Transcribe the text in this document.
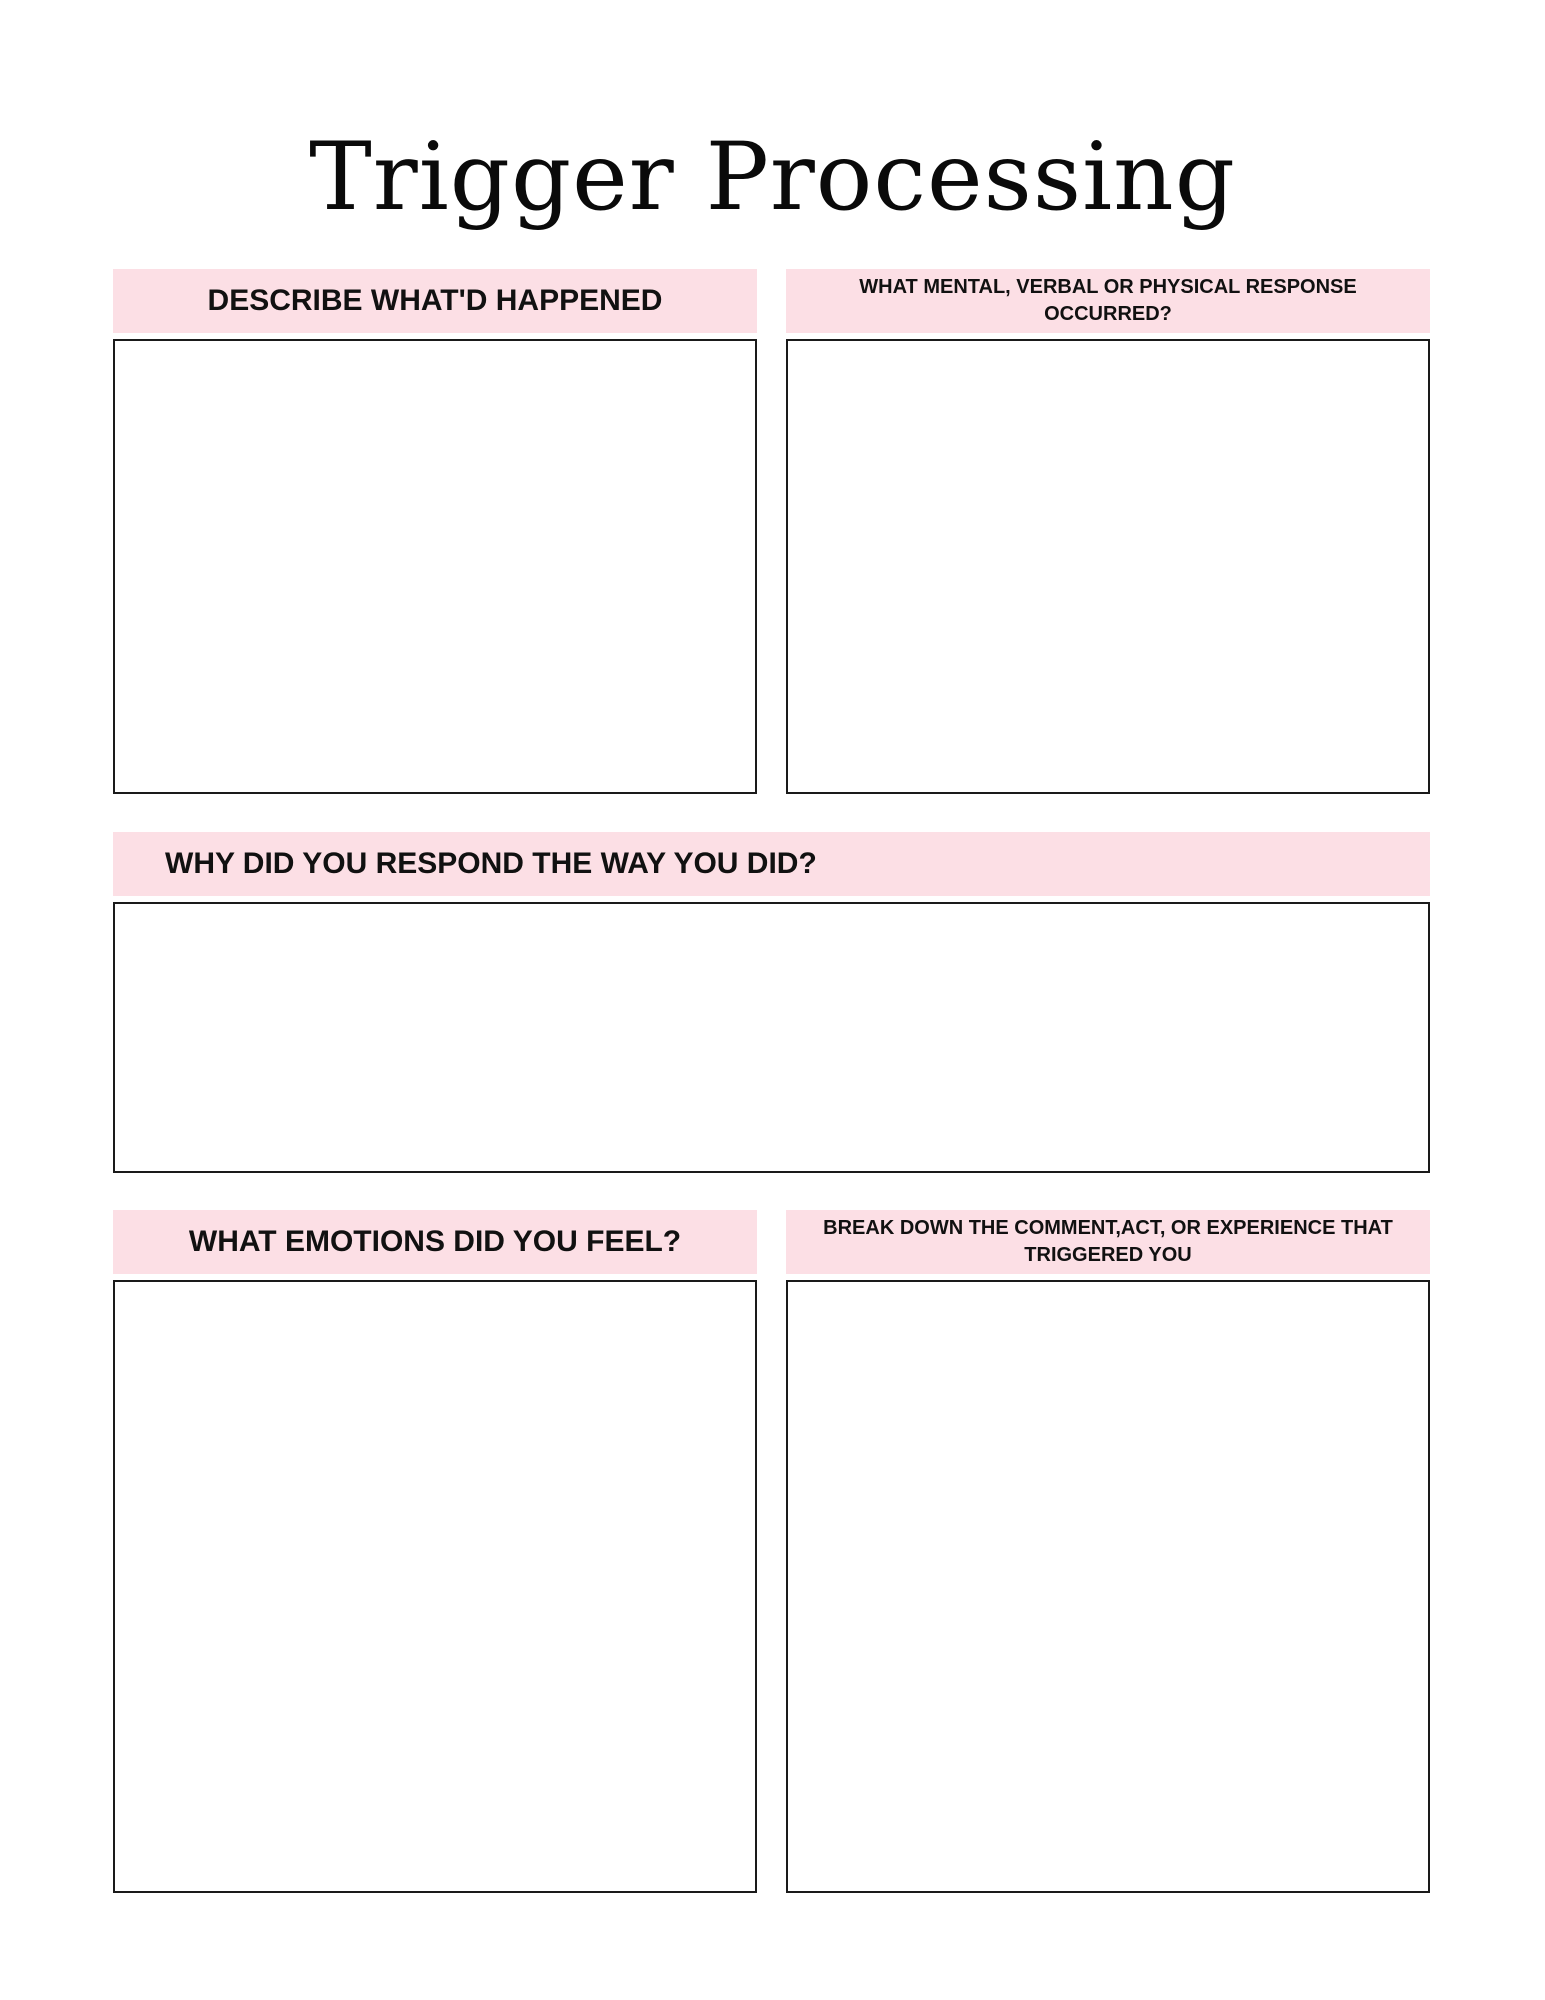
Trigger Processing
DESCRIBE WHAT'D HAPPENED	WHAT MENTAL, VERBAL OR PHYSICAL RESPONSE OCCURRED?
WHY DID YOU RESPOND THE WAY YOU DID?
WHAT EMOTIONS DID YOU FEEL?	BREAK DOWN THE COMMENT,ACT, OR EXPERIENCE THAT TRIGGERED YOU
